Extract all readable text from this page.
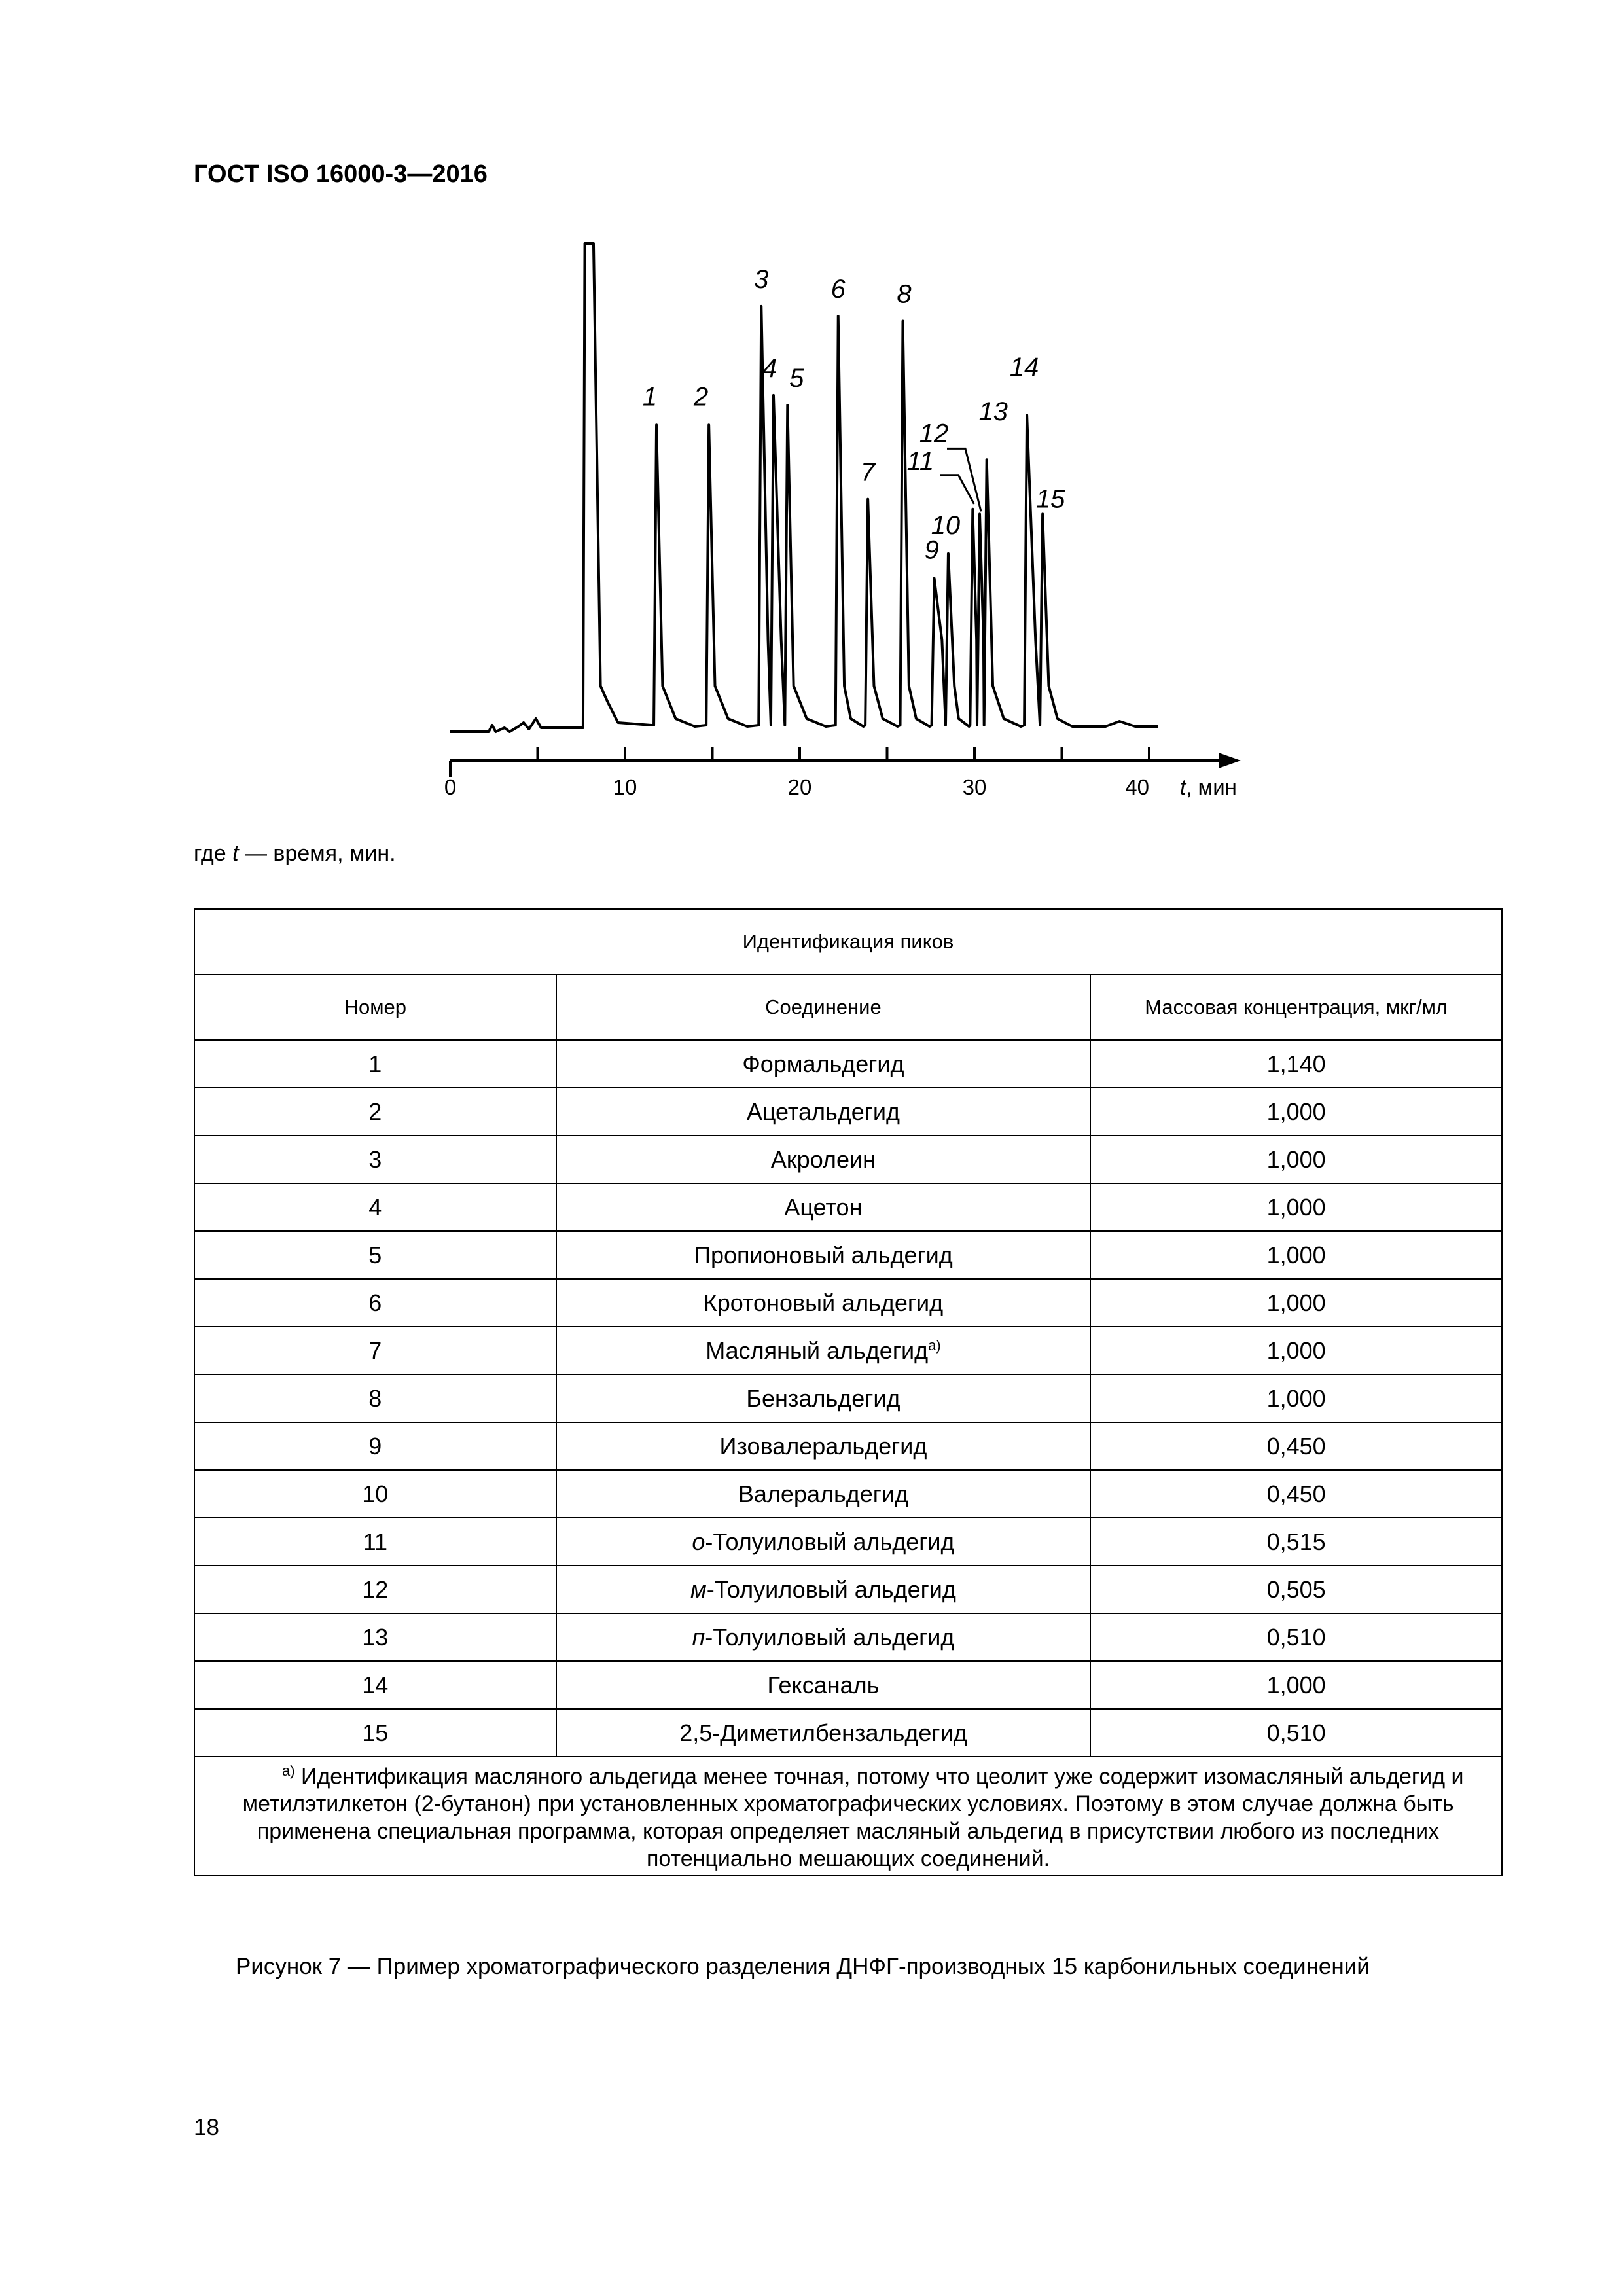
ГОСТ ISO 16000-3—2016
0	10	20	30	40
1 2
3
4 5
6
7
8
9
10
11
12
13
14
15
t, мин
где t — время, мин.
Идентификация пиков		
Номер	Соединение	Массовая концентрация, мкг/мл
1	Формальдегид	1,140
2	Ацетальдегид	1,000
3	Акролеин	1,000
4	Ацетон	1,000
5	Пропионовый альдегид	1,000
6	Кротоновый альдегид	1,000
7	Масляный альдегид$^{а)}$	1,000
8	Бензальдегид	1,000
9	Изовалеральдегид	0,450
10	Валеральдегид	0,450
11	о-Толуиловый альдегид	0,515
12	м-Толуиловый альдегид	0,505
13	п-Толуиловый альдегид	0,510
14	Гексаналь	1,000
15	2,5-Диметилбензальдегид	0,510
$^{а)}$ Идентификация масляного альдегида менее точная, потому что цеолит уже содержит изомасляный альдегид и метилэтилкетон (2-бутанон) при установленных хроматографических условиях. Поэтому в этом случае должна быть применена специальная программа, которая определяет масляный альдегид в присутствии любого из последних потенциально мешающих соединений.		
Рисунок 7 — Пример хроматографического разделения ДНФГ-производных 15 карбонильных соединений
18
